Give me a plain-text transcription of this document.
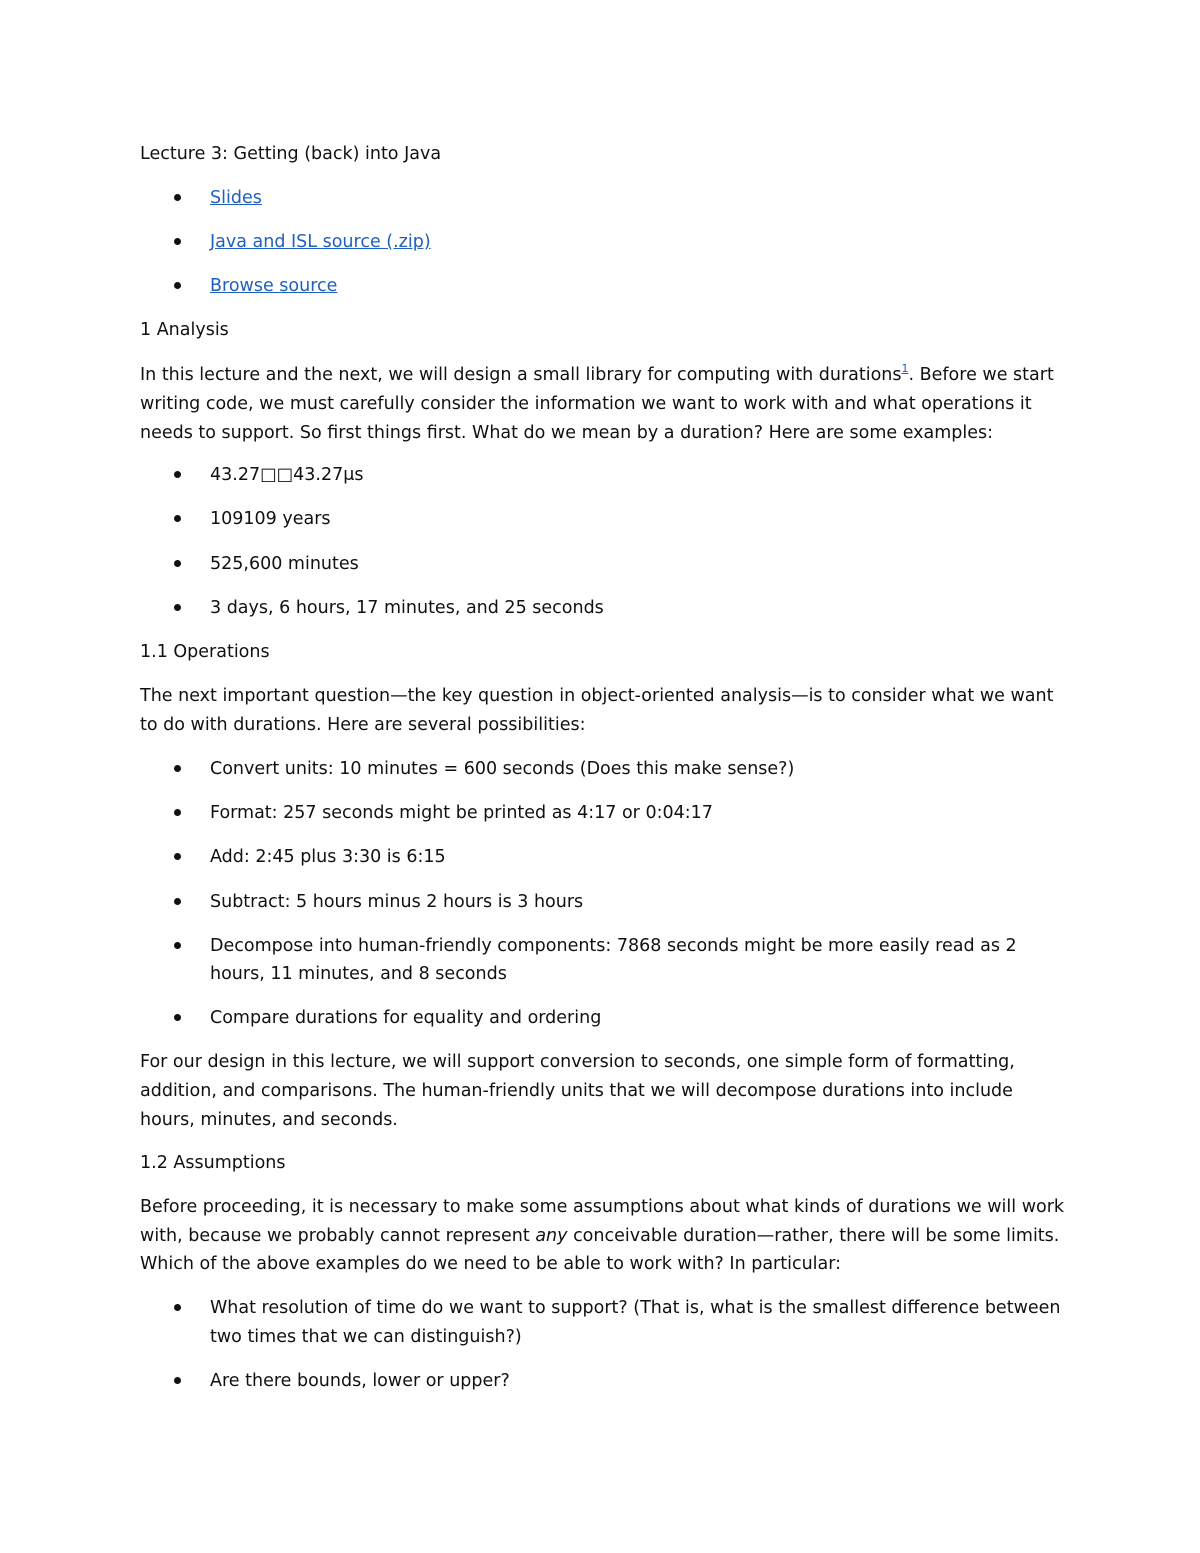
Lecture 3: Getting (back) into Java
Slides
Java and ISL source (.zip)
Browse source
1 Analysis
In this lecture and the next, we will design a small library for computing with durations$^1$. Before we start
writing code, we must carefully consider the information we want to work with and what operations it
needs to support. So first things first. What do we mean by a duration? Here are some examples:
43.27□□43.27μs
109109 years
525,600 minutes
3 days, 6 hours, 17 minutes, and 25 seconds
1.1 Operations
The next important question—the key question in object-oriented analysis—is to consider what we want
to do with durations. Here are several possibilities:
Convert units: 10 minutes = 600 seconds (Does this make sense?)
Format: 257 seconds might be printed as 4:17 or 0:04:17
Add: 2:45 plus 3:30 is 6:15
Subtract: 5 hours minus 2 hours is 3 hours
Decompose into human-friendly components: 7868 seconds might be more easily read as 2
hours, 11 minutes, and 8 seconds
Compare durations for equality and ordering
For our design in this lecture, we will support conversion to seconds, one simple form of formatting,
addition, and comparisons. The human-friendly units that we will decompose durations into include
hours, minutes, and seconds.
1.2 Assumptions
Before proceeding, it is necessary to make some assumptions about what kinds of durations we will work
with, because we probably cannot represent any conceivable duration—rather, there will be some limits.
Which of the above examples do we need to be able to work with? In particular:
What resolution of time do we want to support? (That is, what is the smallest difference between
two times that we can distinguish?)
Are there bounds, lower or upper?
